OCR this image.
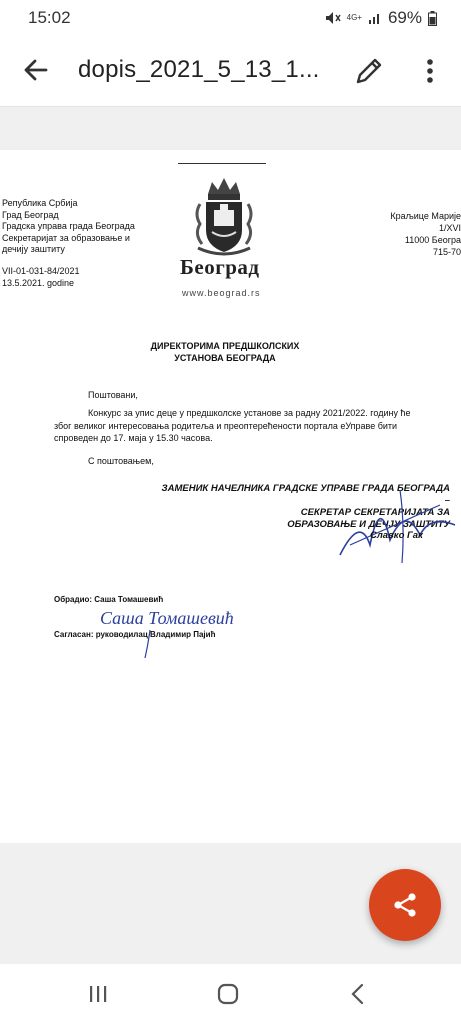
15:02	4G+ 69%
dopis_2021_5_13_1...
Република Србија
Град Београд
Градска управа града Београда
Секретаријат за образовање и
дечију заштиту
VII-01-031-84/2021
13.5.2021. godine
Краљице Марије 1/XVI
11000 Београ
715-70
Београд
www.beograd.rs
ДИРЕКТОРИМА ПРЕДШКОЛСКИХ
УСТАНОВА БЕОГРАДА
Поштовани,
Конкурс за упис деце у предшколске установе за радну 2021/2022. годину ће због великог интересовања родитеља и преоптерећености портала еУправе бити спроведен до 17. маја у 15.30 часова.
С поштовањем,
ЗАМЕНИК НАЧЕЛНИКА ГРАДСКЕ УПРАВЕ ГРАДА БЕОГРАДА –
СЕКРЕТАР СЕКРЕТАРИЈАТА ЗА
ОБРАЗОВАЊЕ И ДЕЧЈУ ЗАШТИТУ
Славко Гак
Обрадио: Саша Томашевић
Саша Томашевић
Сагласан: руководилац Владимир Пајић
